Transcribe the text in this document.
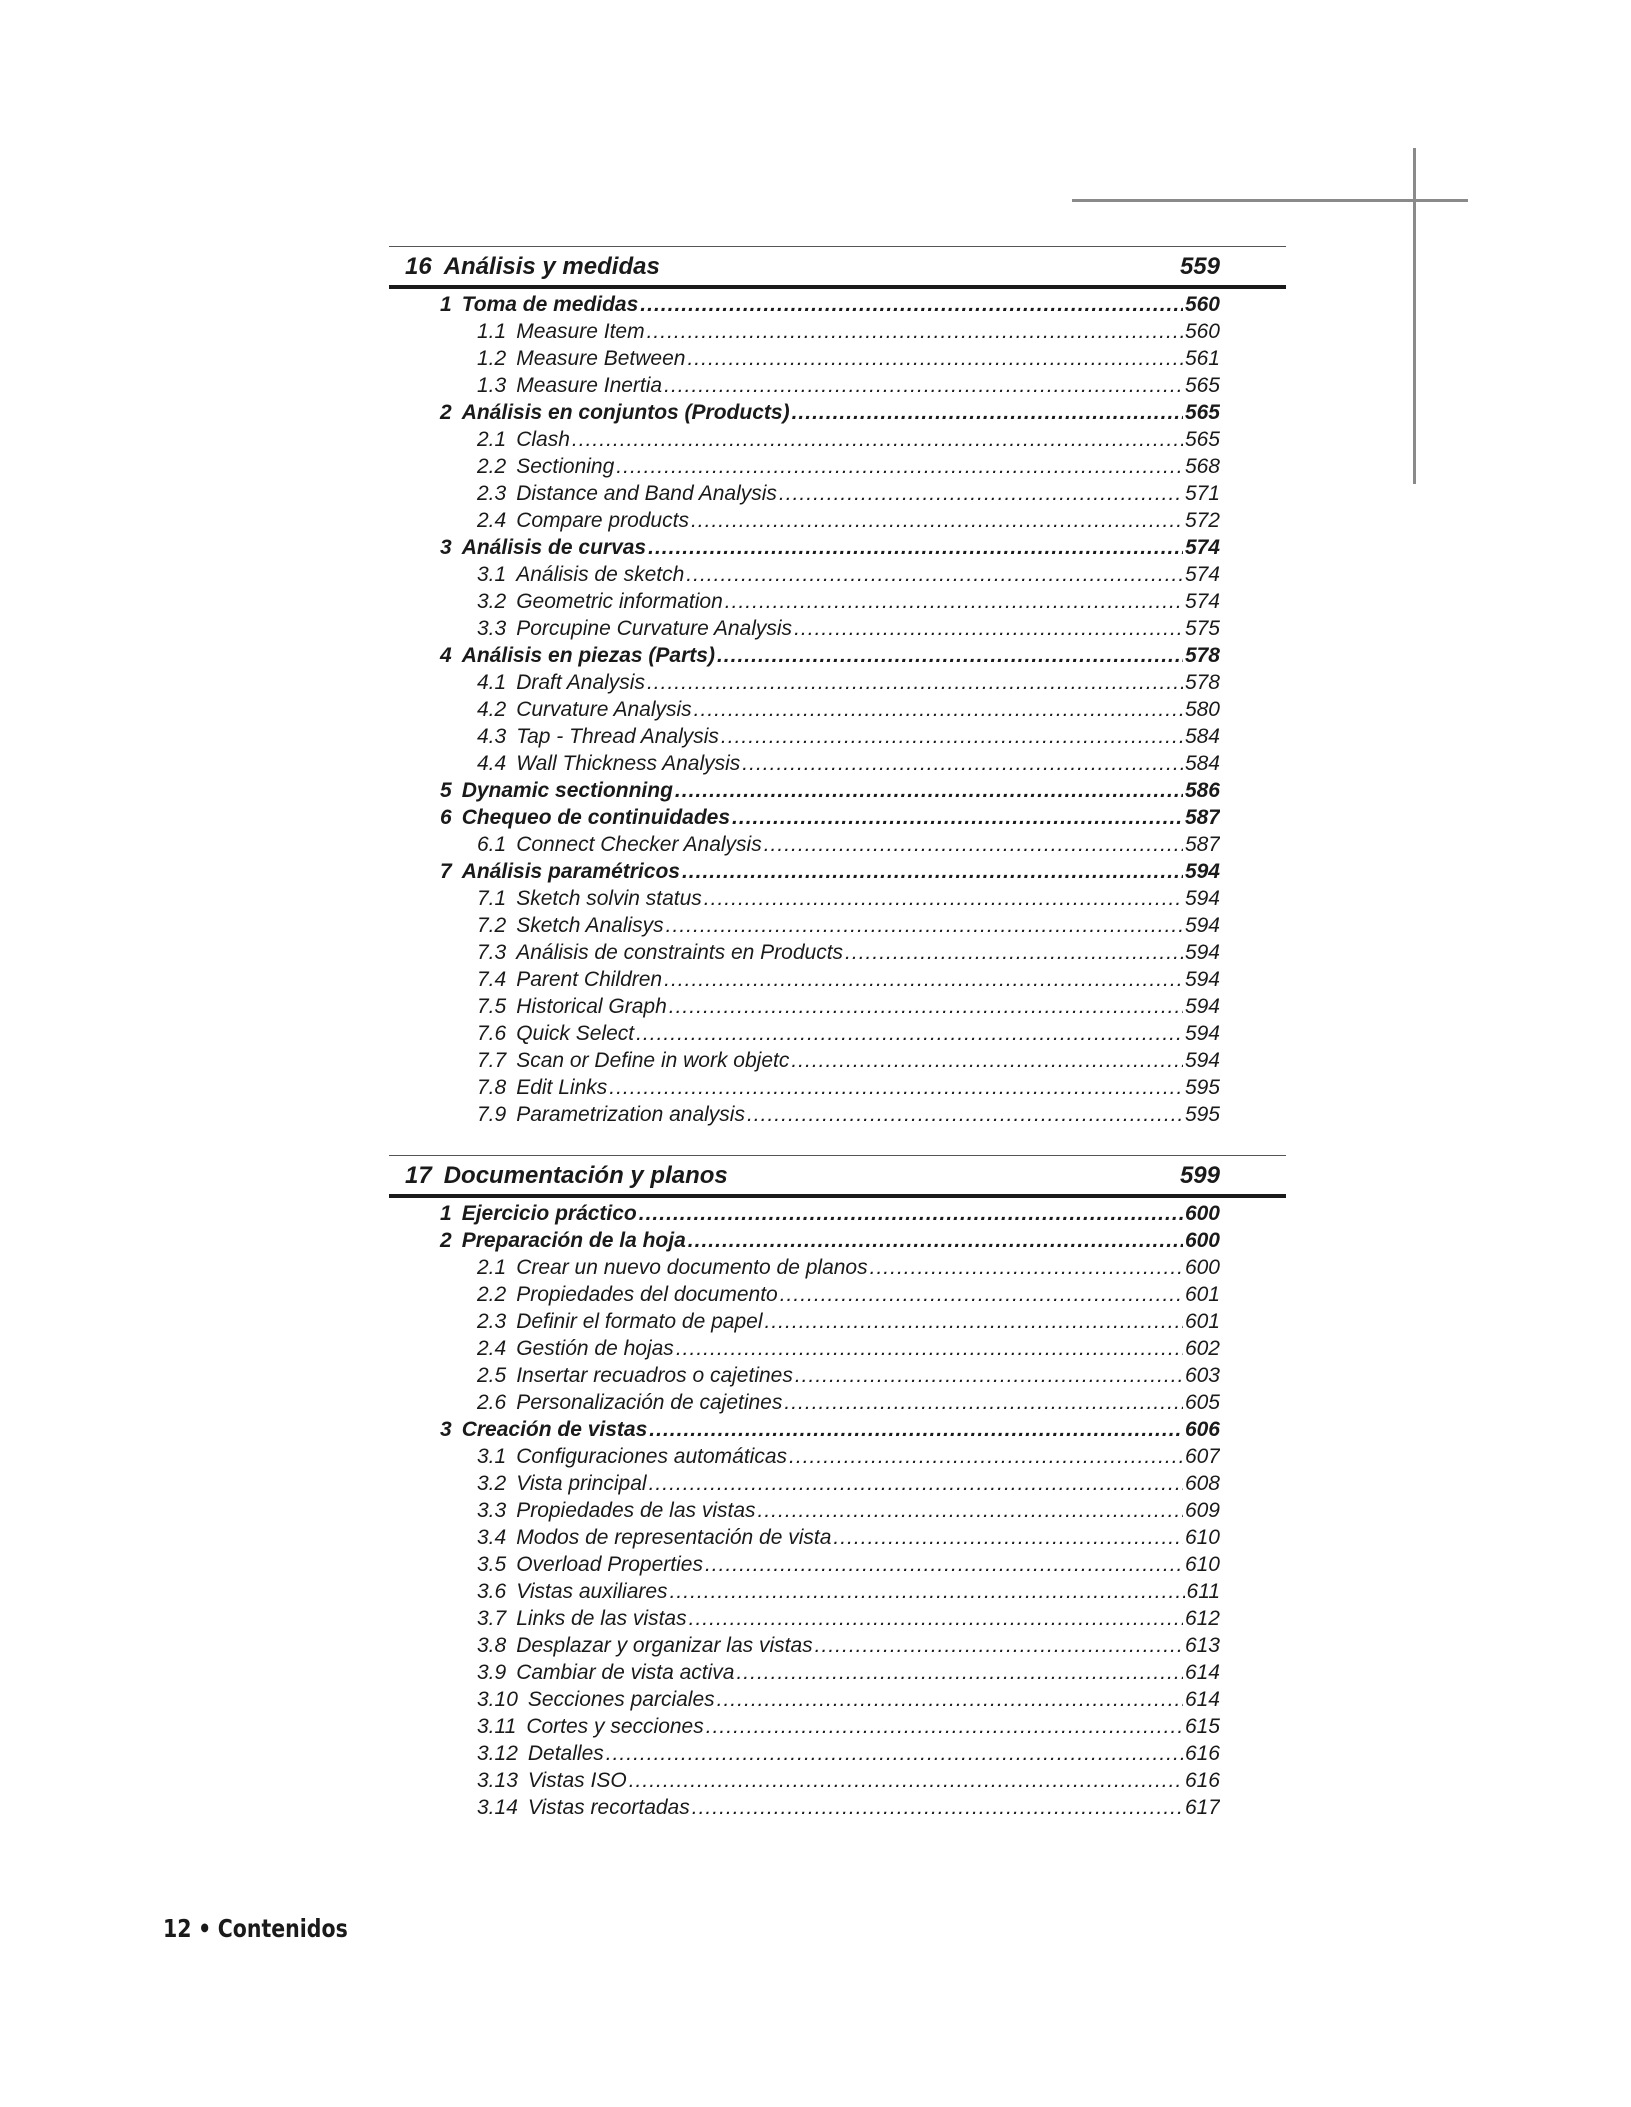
16 Análisis y medidas	559
1 Toma de medidas .....	560
1.1 Measure Item .....	560
1.2 Measure Between .....	561
1.3 Measure Inertia .....	565
2 Análisis en conjuntos (Products) .....	565
2.1 Clash .....	565
2.2 Sectioning .....	568
2.3 Distance and Band Analysis .....	571
2.4 Compare products .....	572
3 Análisis de curvas .....	574
3.1 Análisis de sketch .....	574
3.2 Geometric information .....	574
3.3 Porcupine Curvature Analysis .....	575
4 Análisis en piezas (Parts) .....	578
4.1 Draft Analysis .....	578
4.2 Curvature Analysis .....	580
4.3 Tap - Thread Analysis .....	584
4.4 Wall Thickness Analysis .....	584
5 Dynamic sectionning .....	586
6 Chequeo de continuidades .....	587
6.1 Connect Checker Analysis .....	587
7 Análisis paramétricos .....	594
7.1 Sketch solvin status .....	594
7.2 Sketch Analisys .....	594
7.3 Análisis de constraints en Products .....	594
7.4 Parent Children .....	594
7.5 Historical Graph .....	594
7.6 Quick Select .....	594
7.7 Scan or Define in work objetc .....	594
7.8 Edit Links .....	595
7.9 Parametrization analysis .....	595
17 Documentación y planos	599
1 Ejercicio práctico .....	600
2 Preparación de la hoja .....	600
2.1 Crear un nuevo documento de planos .....	600
2.2 Propiedades del documento .....	601
2.3 Definir el formato de papel .....	601
2.4 Gestión de hojas .....	602
2.5 Insertar recuadros o cajetines .....	603
2.6 Personalización de cajetines .....	605
3 Creación de vistas .....	606
3.1 Configuraciones automáticas .....	607
3.2 Vista principal .....	608
3.3 Propiedades de las vistas .....	609
3.4 Modos de representación de vista .....	610
3.5 Overload Properties .....	610
3.6 Vistas auxiliares .....	611
3.7 Links de las vistas .....	612
3.8 Desplazar y organizar las vistas .....	613
3.9 Cambiar de vista activa .....	614
3.10 Secciones parciales .....	614
3.11 Cortes y secciones .....	615
3.12 Detalles .....	616
3.13 Vistas ISO .....	616
3.14 Vistas recortadas .....	617
12 • Contenidos
